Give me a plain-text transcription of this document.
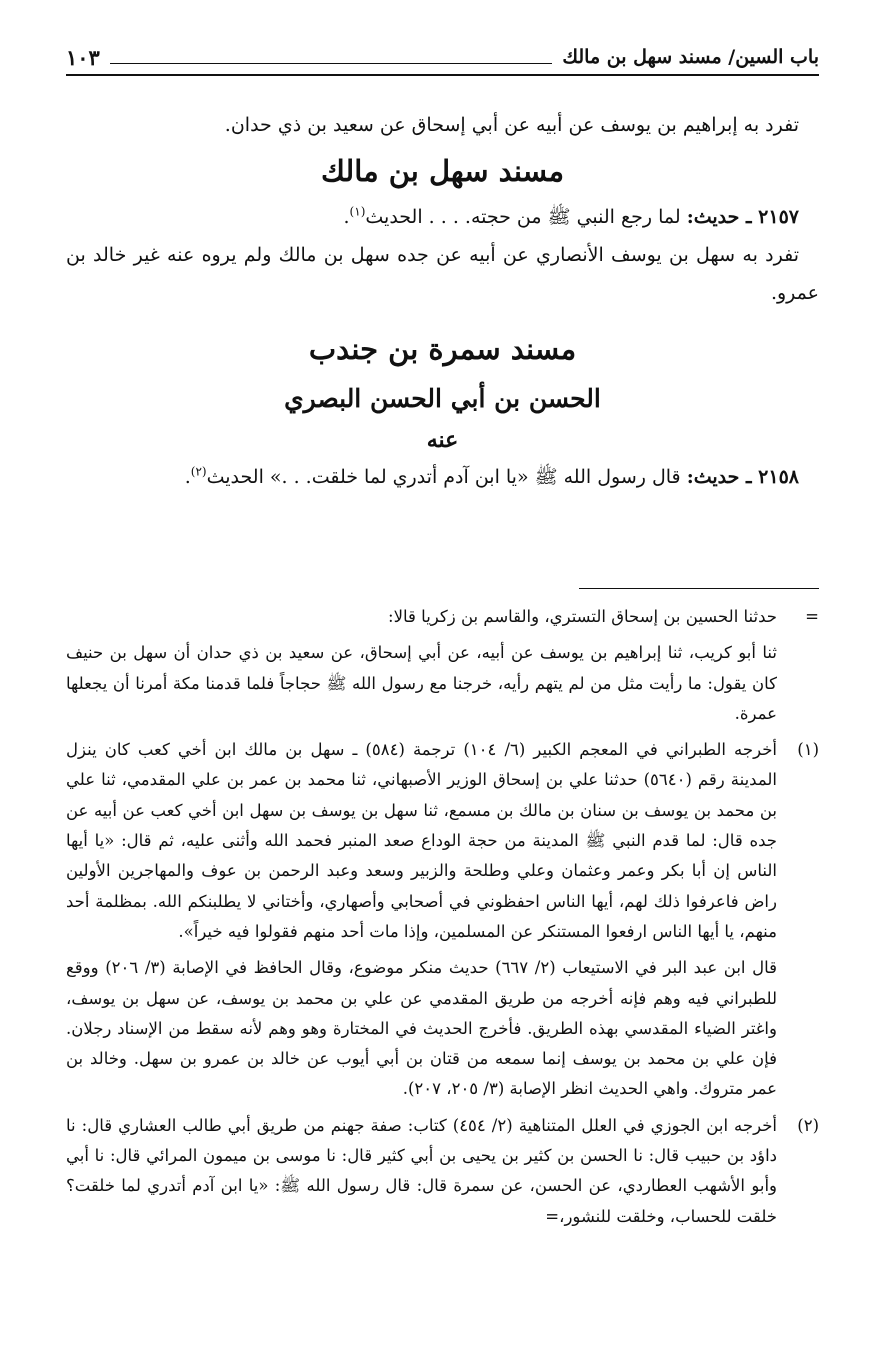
باب السين/ مسند سهل بن مالك
١٠٣

تفرد به إبراهيم بن يوسف عن أبيه عن أبي إسحاق عن سعيد بن ذي حدان.

مسند سهل بن مالك

٢١٥٧ ـ حديث: لما رجع النبي ﷺ من حجته. . . . الحديث$^{(١)}$.

تفرد به سهل بن يوسف الأنصاري عن أبيه عن جده سهل بن مالك ولم يروه عنه غير خالد بن عمرو.

مسند سمرة بن جندب

الحسن بن أبي الحسن البصري

عنه

٢١٥٨ ـ حديث: قال رسول الله ﷺ «يا ابن آدم أتدري لما خلقت. . .» الحديث$^{(٢)}$.

=

حدثنا الحسين بن إسحاق التستري، والقاسم بن زكريا قالا:

ثنا أبو كريب، ثنا إبراهيم بن يوسف عن أبيه، عن أبي إسحاق، عن سعيد بن ذي حدان أن سهل بن حنيف كان يقول: ما رأيت مثل من لم يتهم رأيه، خرجنا مع رسول الله ﷺ حجاجاً فلما قدمنا مكة أمرنا أن يجعلها عمرة.

(١)

أخرجه الطبراني في المعجم الكبير (٦/ ١٠٤) ترجمة (٥٨٤) ـ سهل بن مالك ابن أخي كعب كان ينزل المدينة رقم (٥٦٤٠) حدثنا علي بن إسحاق الوزير الأصبهاني، ثنا محمد بن عمر بن علي المقدمي، ثنا علي بن محمد بن يوسف بن سنان بن مالك بن مسمع، ثنا سهل بن يوسف بن سهل ابن أخي كعب عن أبيه عن جده قال: لما قدم النبي ﷺ المدينة من حجة الوداع صعد المنبر فحمد الله وأثنى عليه، ثم قال: «يا أيها الناس إن أبا بكر وعمر وعثمان وعلي وطلحة والزبير وسعد وعبد الرحمن بن عوف والمهاجرين الأولين راض فاعرفوا ذلك لهم، أيها الناس احفظوني في أصحابي وأصهاري، وأختاني لا يطلبنكم الله. بمظلمة أحد منهم، يا أيها الناس ارفعوا المستنكر عن المسلمين، وإذا مات أحد منهم فقولوا فيه خيراً».

قال ابن عبد البر في الاستيعاب (٢/ ٦٦٧) حديث منكر موضوع، وقال الحافظ في الإصابة (٣/ ٢٠٦) ووقع للطبراني فيه وهم فإنه أخرجه من طريق المقدمي عن علي بن محمد بن يوسف، عن سهل بن يوسف، واغتر الضياء المقدسي بهذه الطريق. فأخرج الحديث في المختارة وهو وهم لأنه سقط من الإسناد رجلان. فإن علي بن محمد بن يوسف إنما سمعه من قتان بن أبي أيوب عن خالد بن عمرو بن سهل. وخالد بن عمر متروك. واهي الحديث انظر الإصابة (٣/ ٢٠٥، ٢٠٧).

(٢)

أخرجه ابن الجوزي في العلل المتناهية (٢/ ٤٥٤) كتاب: صفة جهنم من طريق أبي طالب العشاري قال: نا داؤد بن حبيب قال: نا الحسن بن كثير بن يحيى بن أبي كثير قال: نا موسى بن ميمون المرائي قال: نا أبي وأبو الأشهب العطاردي، عن الحسن، عن سمرة قال: قال رسول الله ﷺ: «يا ابن آدم أتدري لما خلقت؟ خلقت للحساب، وخلقت للنشور،=
